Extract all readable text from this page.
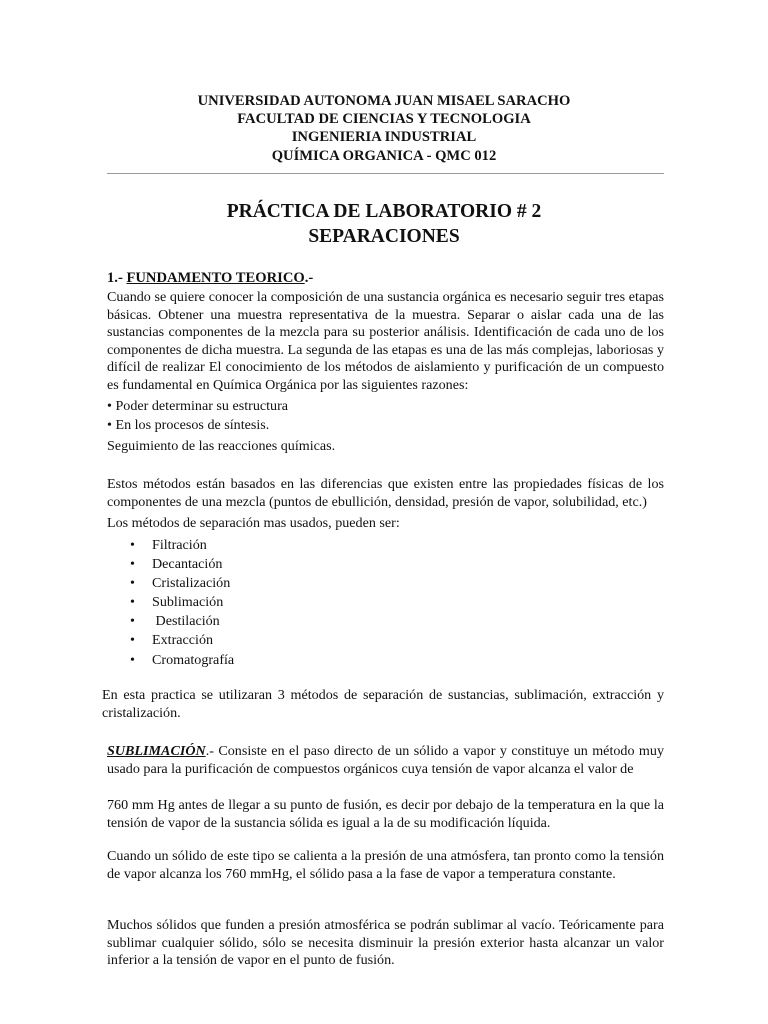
UNIVERSIDAD AUTONOMA JUAN MISAEL SARACHO
FACULTAD DE CIENCIAS Y TECNOLOGIA
INGENIERIA INDUSTRIAL
QUÍMICA ORGANICA - QMC 012
PRÁCTICA DE LABORATORIO # 2
SEPARACIONES
1.- FUNDAMENTO TEORICO.-

Cuando se quiere conocer la composición de una sustancia orgánica es necesario seguir tres etapas básicas. Obtener una muestra representativa de la muestra. Separar o aislar cada una de las sustancias componentes de la mezcla para su posterior análisis. Identificación de cada uno de los componentes de dicha muestra. La segunda de las etapas es una de las más complejas, laboriosas y difícil de realizar El conocimiento de los métodos de aislamiento y purificación de un compuesto es fundamental en Química Orgánica por las siguientes razones:

• Poder determinar su estructura

• En los procesos de síntesis.

Seguimiento de las reacciones químicas.

Estos métodos están basados en las diferencias que existen entre las propiedades físicas de los componentes de una mezcla (puntos de ebullición, densidad, presión de vapor, solubilidad, etc.)

Los métodos de separación mas usados, pueden ser:

• Filtración
• Decantación
• Cristalización
• Sublimación
• Destilación
• Extracción
• Cromatografía

En esta practica se utilizaran 3 métodos de separación de sustancias, sublimación, extracción y cristalización.

SUBLIMACIÓN.- Consiste en el paso directo de un sólido a vapor y constituye un método muy usado para la purificación de compuestos orgánicos cuya tensión de vapor alcanza el valor de

760 mm Hg antes de llegar a su punto de fusión, es decir por debajo de la temperatura en la que la tensión de vapor de la sustancia sólida es igual a la de su modificación líquida.

Cuando un sólido de este tipo se calienta a la presión de una atmósfera, tan pronto como la tensión de vapor alcanza los 760 mmHg, el sólido pasa a la fase de vapor a temperatura constante.

Muchos sólidos que funden a presión atmosférica se podrán sublimar al vacío. Teóricamente para sublimar cualquier sólido, sólo se necesita disminuir la presión exterior hasta alcanzar un valor inferior a la tensión de vapor en el punto de fusión.
